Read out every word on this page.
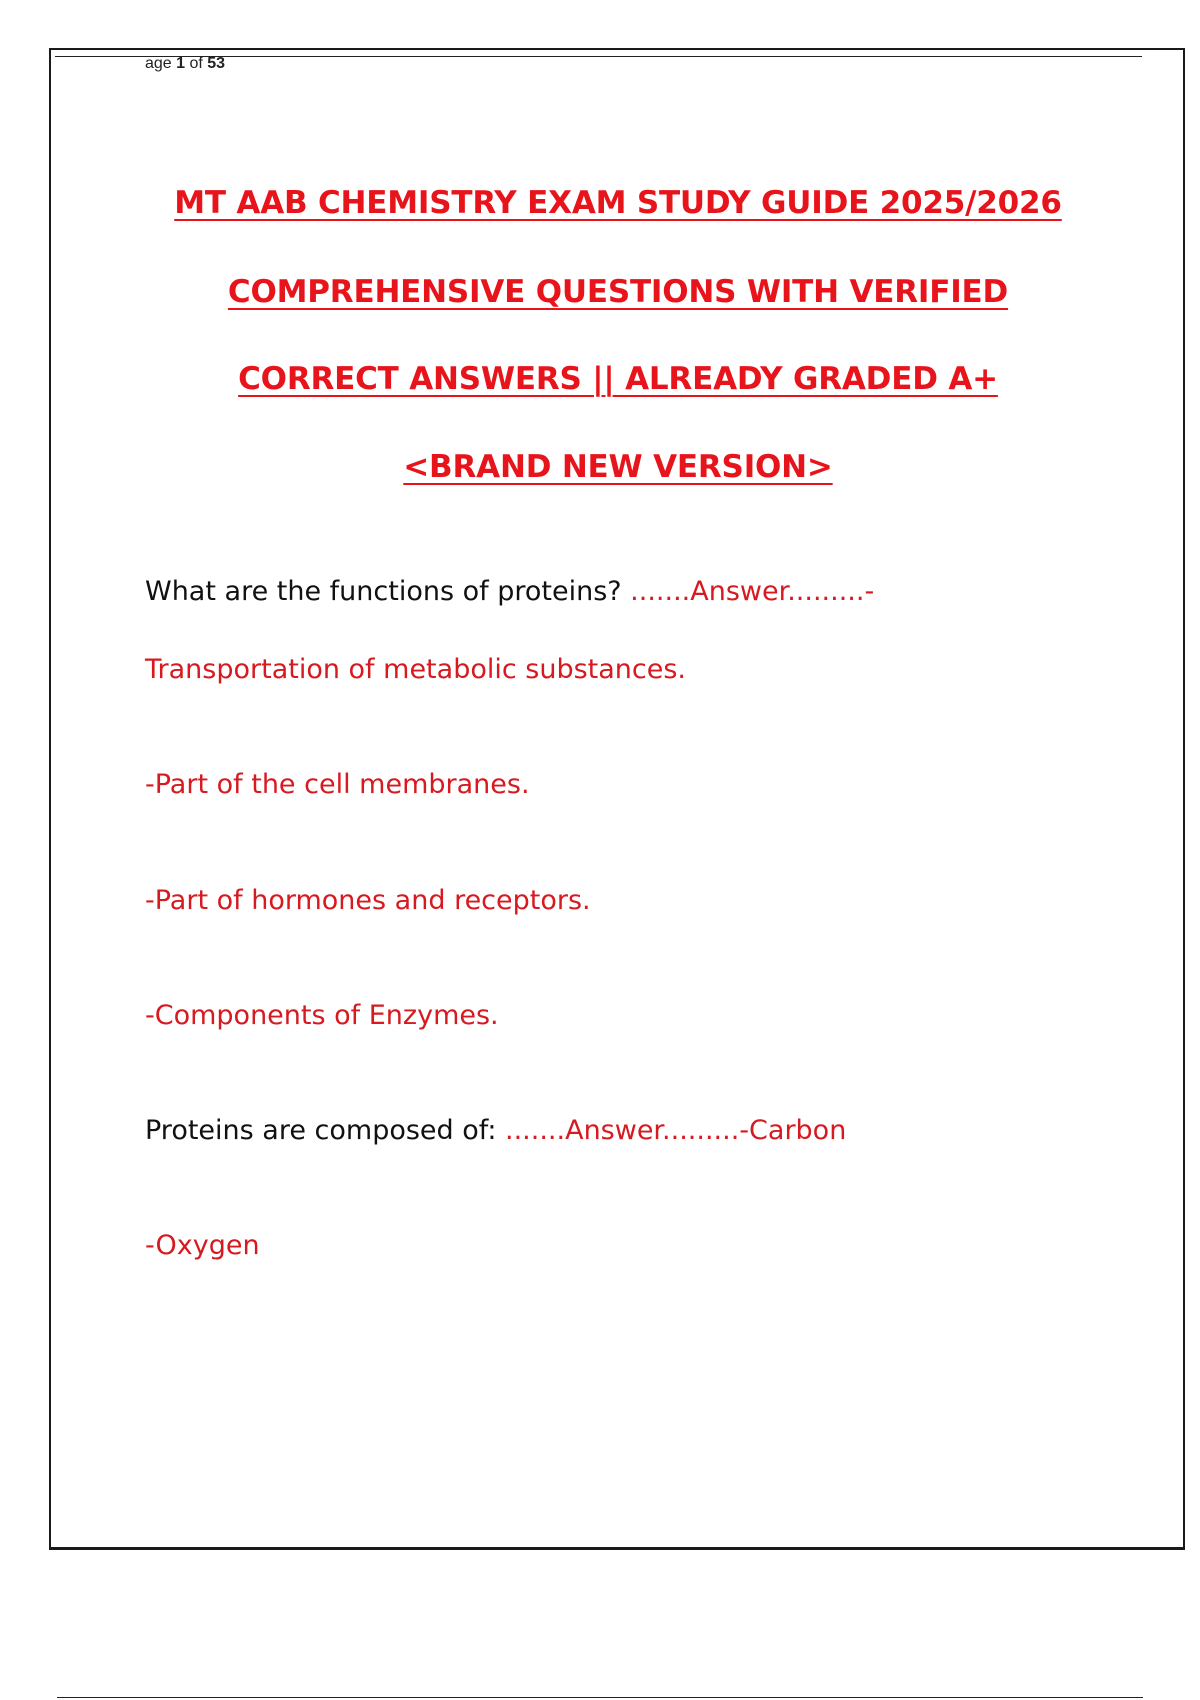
age 1 of 53
MT AAB CHEMISTRY EXAM STUDY GUIDE 2025/2026
COMPREHENSIVE QUESTIONS WITH VERIFIED
CORRECT ANSWERS || ALREADY GRADED A+
<BRAND NEW VERSION>
What are the functions of proteins? .......Answer.........-
Transportation of metabolic substances.
-Part of the cell membranes.
-Part of hormones and receptors.
-Components of Enzymes.
Proteins are composed of: .......Answer.........-Carbon
-Oxygen
